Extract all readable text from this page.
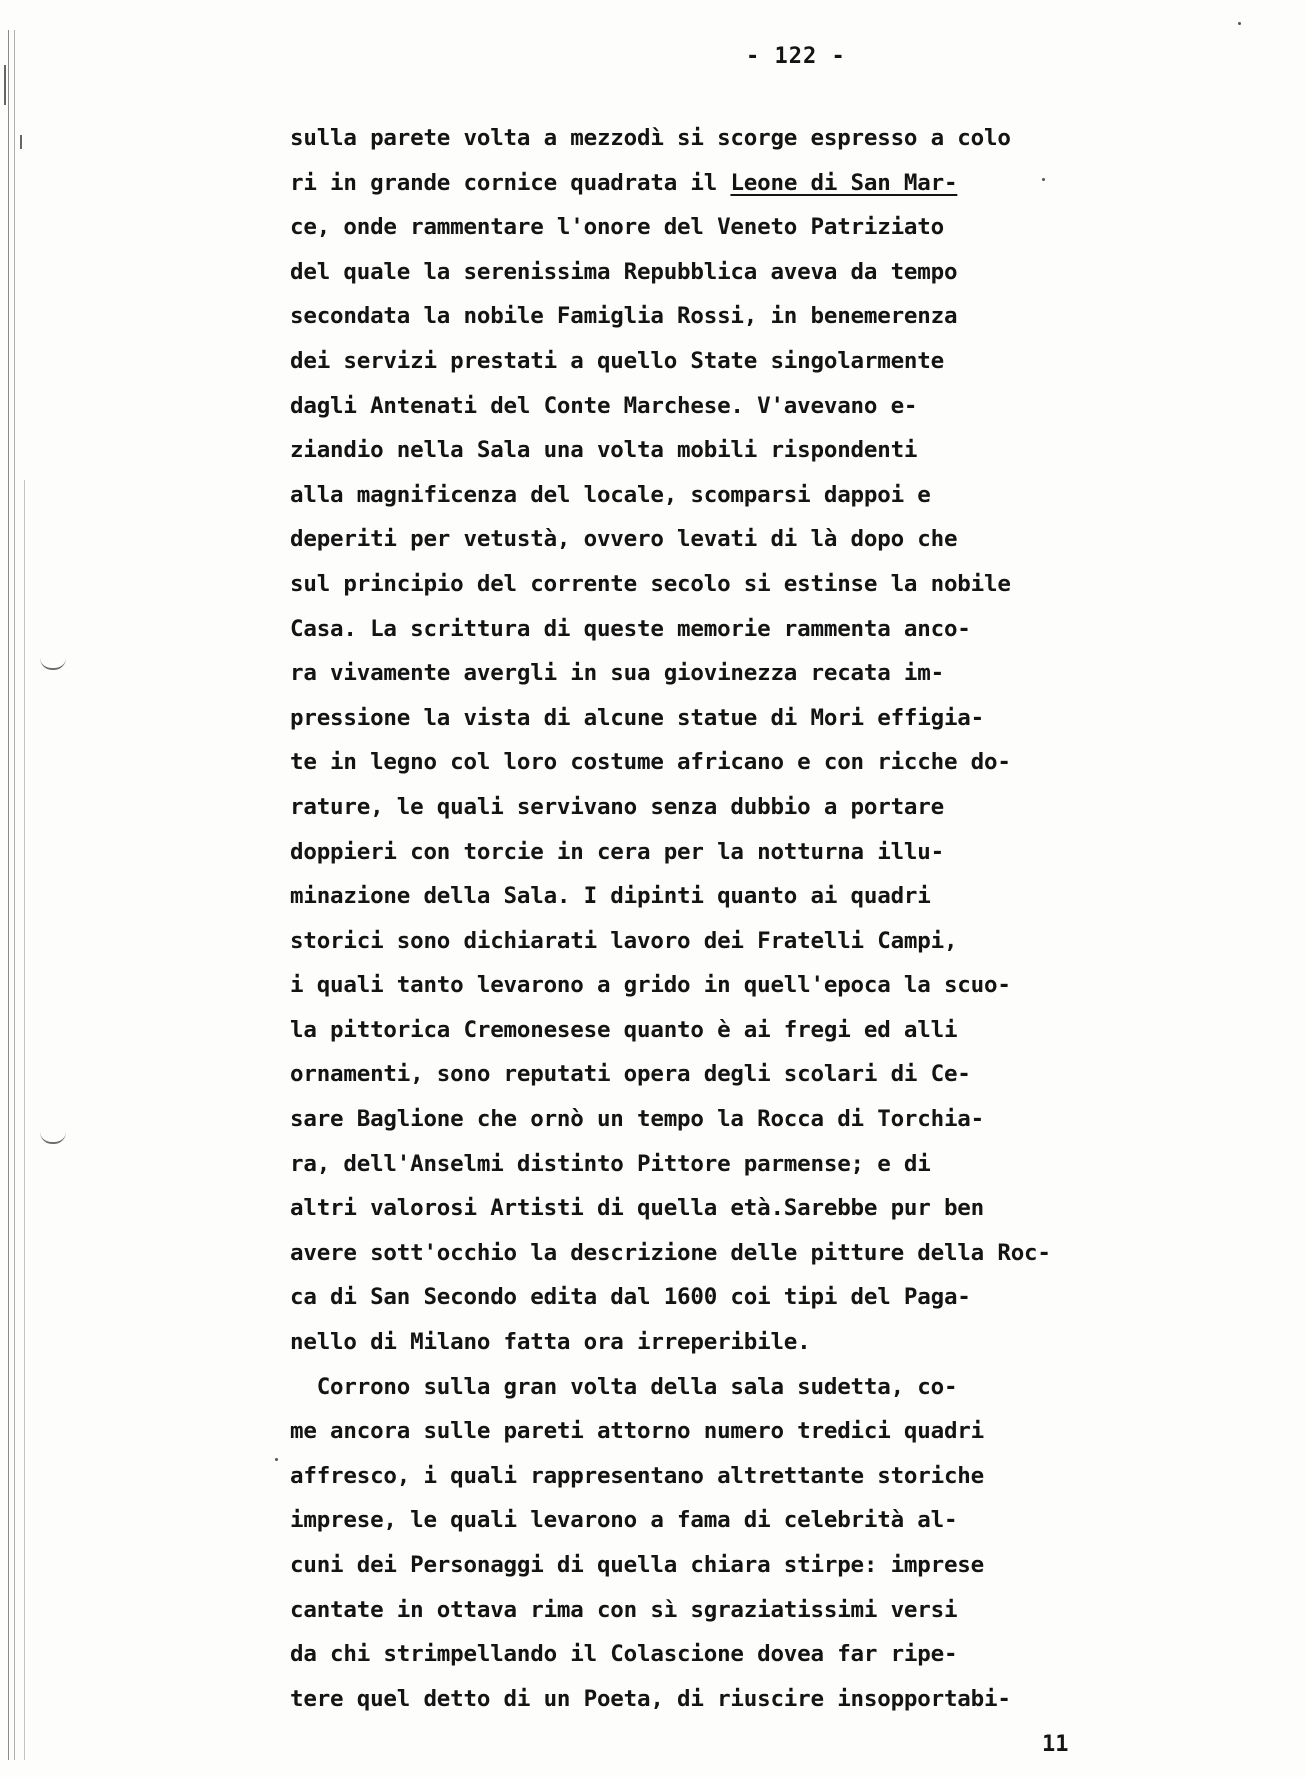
- 122 -
sulla parete volta a mezzodì si scorge espresso a colo
ri in grande cornice quadrata il Leone di San Mar-
ce, onde rammentare l'onore del Veneto Patriziato
del quale la serenissima Repubblica aveva da tempo
secondata la nobile Famiglia Rossi, in benemerenza
dei servizi prestati a quello State singolarmente
dagli Antenati del Conte Marchese. V'avevano e-
ziandio nella Sala una volta mobili rispondenti
alla magnificenza del locale, scomparsi dappoi e
deperiti per vetustà, ovvero levati di là dopo che
sul principio del corrente secolo si estinse la nobile
Casa. La scrittura di queste memorie rammenta anco-
ra vivamente avergli in sua giovinezza recata im-
pressione la vista di alcune statue di Mori effigia-
te in legno col loro costume africano e con ricche do-
rature, le quali servivano senza dubbio a portare
doppieri con torcie in cera per la notturna illu-
minazione della Sala. I dipinti quanto ai quadri
storici sono dichiarati lavoro dei Fratelli Campi,
i quali tanto levarono a grido in quell'epoca la scuo-
la pittorica Cremonesese quanto è ai fregi ed alli
ornamenti, sono reputati opera degli scolari di Ce-
sare Baglione che ornò un tempo la Rocca di Torchia-
ra, dell'Anselmi distinto Pittore parmense; e di
altri valorosi Artisti di quella età.Sarebbe pur ben
avere sott'occhio la descrizione delle pitture della Roc-
ca di San Secondo edita dal 1600 coi tipi del Paga-
nello di Milano fatta ora irreperibile.
Corrono sulla gran volta della sala sudetta, co-
me ancora sulle pareti attorno numero tredici quadri
affresco, i quali rappresentano altrettante storiche
imprese, le quali levarono a fama di celebrità al-
cuni dei Personaggi di quella chiara stirpe: imprese
cantate in ottava rima con sì sgraziatissimi versi
da chi strimpellando il Colascione dovea far ripe-
tere quel detto di un Poeta, di riuscire insopportabi-
11
